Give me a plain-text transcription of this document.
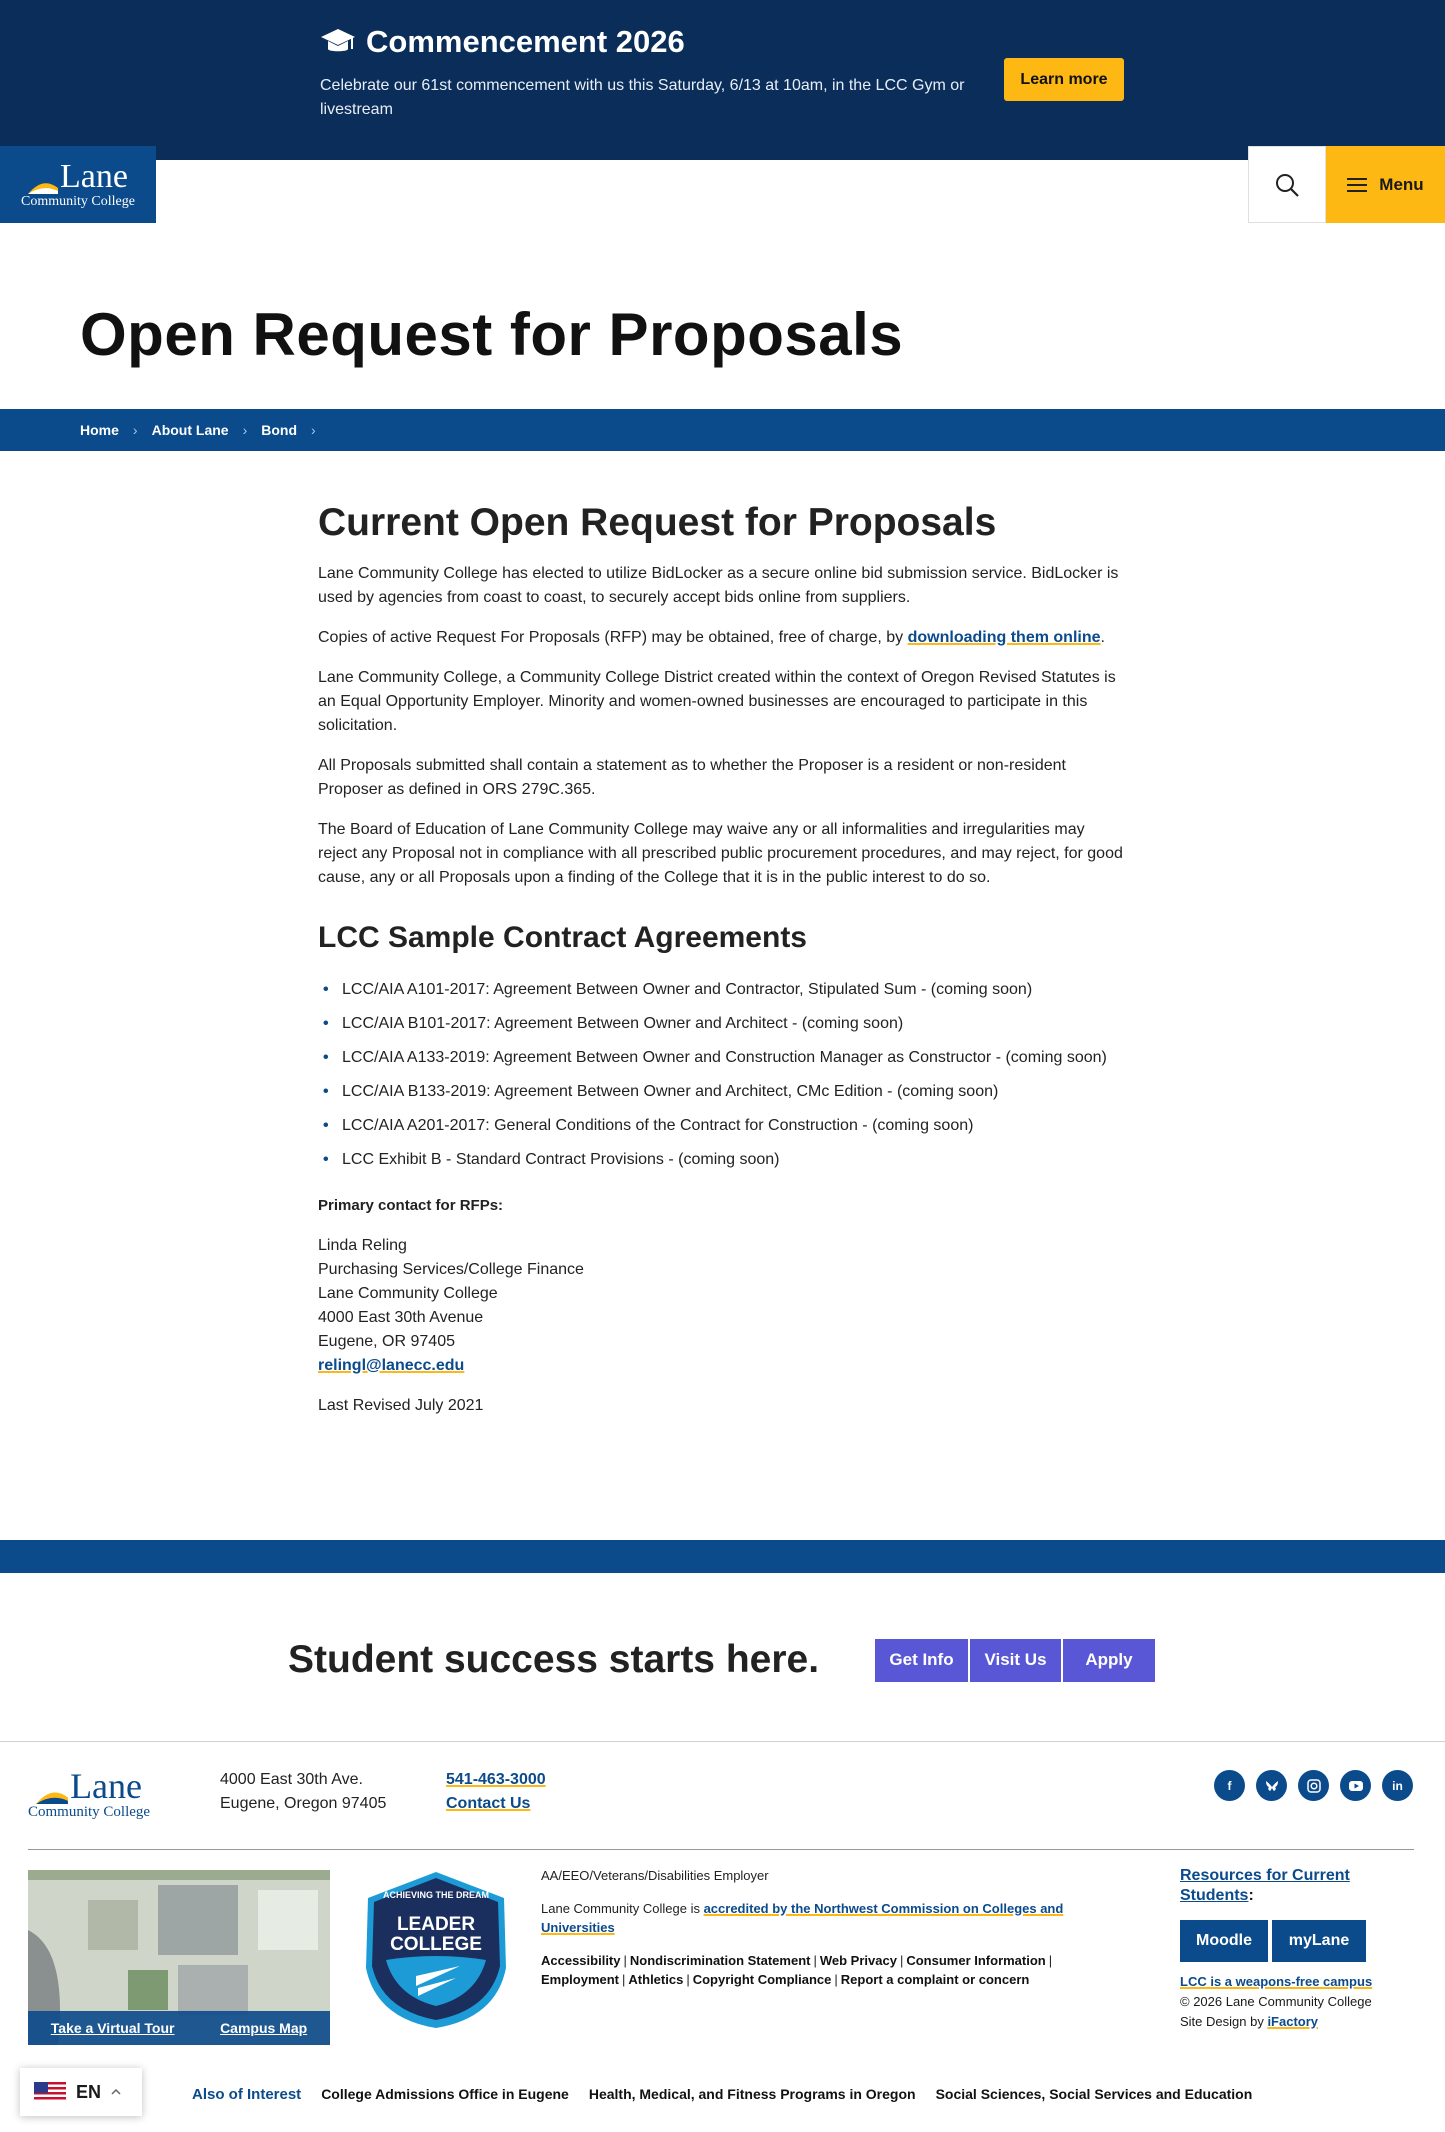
Commencement 2026
Celebrate our 61st commencement with us this Saturday, 6/13 at 10am, in the LCC Gym or livestream
Learn more
Lane
Community College
Menu
Open Request for Proposals
Home › About Lane › Bond ›
Current Open Request for Proposals

Lane Community College has elected to utilize BidLocker as a secure online bid submission service. BidLocker is used by agencies from coast to coast, to securely accept bids online from suppliers.

Copies of active Request For Proposals (RFP) may be obtained, free of charge, by downloading them online.

Lane Community College, a Community College District created within the context of Oregon Revised Statutes is an Equal Opportunity Employer. Minority and women-owned businesses are encouraged to participate in this solicitation.

All Proposals submitted shall contain a statement as to whether the Proposer is a resident or non-resident Proposer as defined in ORS 279C.365.

The Board of Education of Lane Community College may waive any or all informalities and irregularities may reject any Proposal not in compliance with all prescribed public procurement procedures, and may reject, for good cause, any or all Proposals upon a finding of the College that it is in the public interest to do so.

LCC Sample Contract Agreements
• LCC/AIA A101-2017: Agreement Between Owner and Contractor, Stipulated Sum - (coming soon)
• LCC/AIA B101-2017: Agreement Between Owner and Architect - (coming soon)
• LCC/AIA A133-2019: Agreement Between Owner and Construction Manager as Constructor - (coming soon)
• LCC/AIA B133-2019: Agreement Between Owner and Architect, CMc Edition - (coming soon)
• LCC/AIA A201-2017: General Conditions of the Contract for Construction - (coming soon)
• LCC Exhibit B - Standard Contract Provisions - (coming soon)

Primary contact for RFPs:

Linda Reling
Purchasing Services/College Finance
Lane Community College
4000 East 30th Avenue
Eugene, OR 97405
relingl@lanecc.edu

Last Revised July 2021

Student success starts here.	Get Info	Visit Us	Apply
Lane
Community College
4000 East 30th Ave.
Eugene, Oregon 97405
541-463-3000
Contact Us
f	in
Take a Virtual Tour	Campus Map
ACHIEVING THE DREAM
LEADER
COLLEGE

AA/EEO/Veterans/Disabilities Employer

Lane Community College is accredited by the Northwest Commission on Colleges and Universities

Accessibility | Nondiscrimination Statement | Web Privacy | Consumer Information |
Employment | Athletics | Copyright Compliance | Report a complaint or concern

Resources for Current Students:
Moodle	myLane
LCC is a weapons-free campus
© 2026 Lane Community College
Site Design by iFactory
EN	Also of Interest College Admissions Office in Eugene Health, Medical, and Fitness Programs in Oregon Social Sciences, Social Services and Education
